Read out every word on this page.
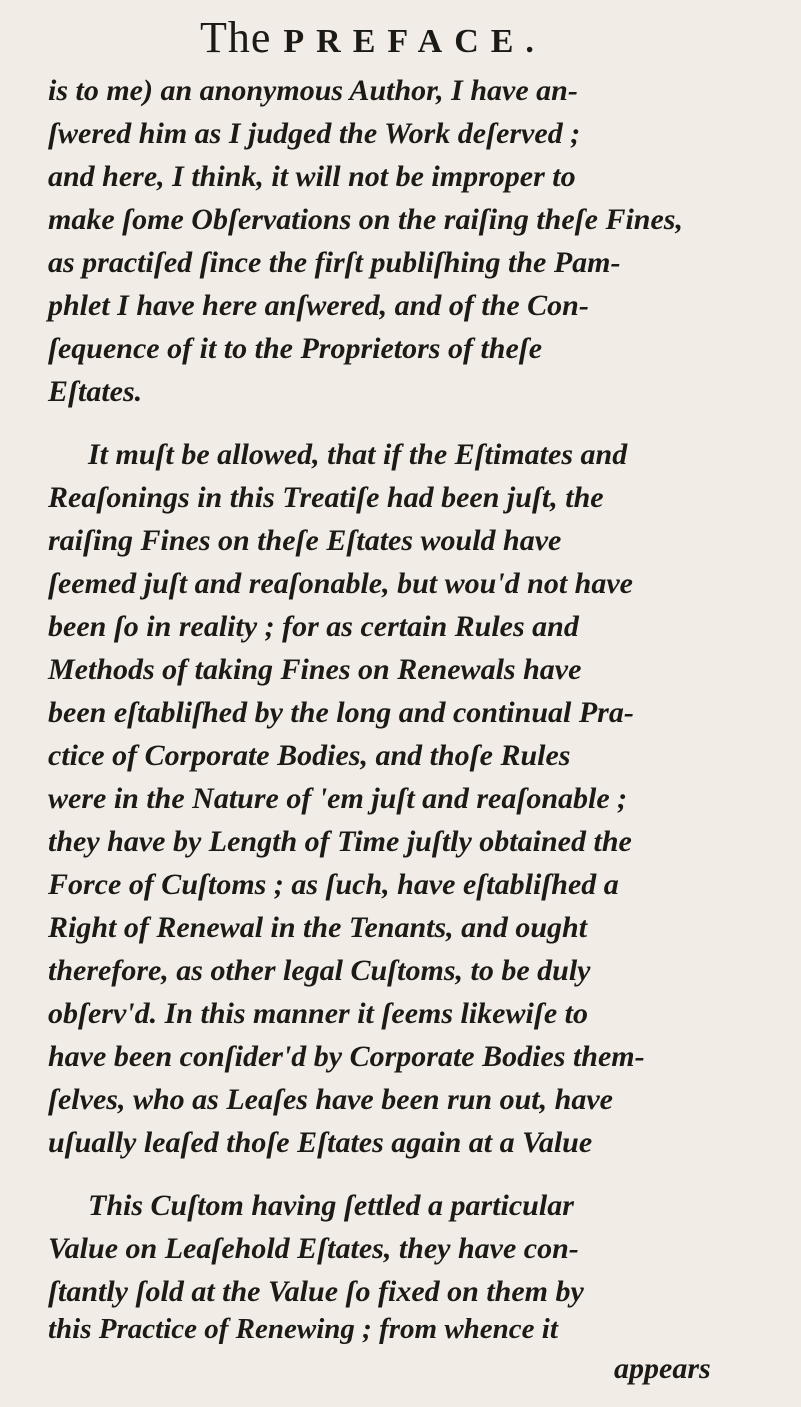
The PREFACE.
is to me) an anonymous Author, I have an-
ſwered him as I judged the Work deſerved ;
and here, I think, it will not be improper to
make ſome Obſervations on the raiſing theſe Fines,
as practiſed ſince the firſt publiſhing the Pam-
phlet I have here anſwered, and of the Con-
ſequence of it to the Proprietors of theſe
Eſtates.
It muſt be allowed, that if the Eſtimates and
Reaſonings in this Treatiſe had been juſt, the
raiſing Fines on theſe Eſtates would have
ſeemed juſt and reaſonable, but wou'd not have
been ſo in reality ; for as certain Rules and
Methods of taking Fines on Renewals have
been eſtabliſhed by the long and continual Pra-
ctice of Corporate Bodies, and thoſe Rules
were in the Nature of 'em juſt and reaſonable ;
they have by Length of Time juſtly obtained the
Force of Cuſtoms ; as ſuch, have eſtabliſhed a
Right of Renewal in the Tenants, and ought
therefore, as other legal Cuſtoms, to be duly
obſerv'd. In this manner it ſeems likewiſe to
have been conſider'd by Corporate Bodies them-
ſelves, who as Leaſes have been run out, have
uſually leaſed thoſe Eſtates again at a Value
This Cuſtom having ſettled a particular
Value on Leaſehold Eſtates, they have con-
ſtantly ſold at the Value ſo fixed on them by
this Practice of Renewing ; from whence it
appears
